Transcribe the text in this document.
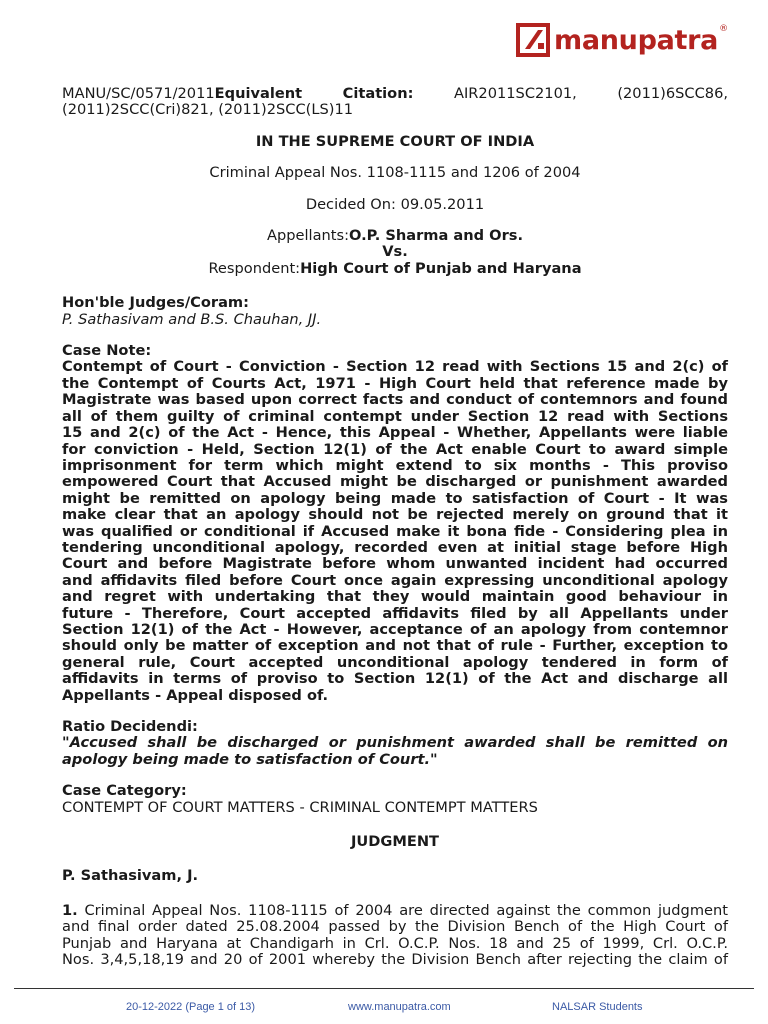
manupatra ®

MANU/SC/0571/2011Equivalent	Citation:	AIR2011SC2101, (2011)6SCC86,

(2011)2SCC(Cri)821, (2011)2SCC(LS)11

IN THE SUPREME COURT OF INDIA

Criminal Appeal Nos. 1108-1115 and 1206 of 2004

Decided On: 09.05.2011

Appellants:O.P. Sharma and Ors.

Vs.

Respondent:High Court of Punjab and Haryana

Hon'ble Judges/Coram:

P. Sathasivam and B.S. Chauhan, JJ.

Case Note:

Contempt of Court - Conviction - Section 12 read with Sections 15 and 2(c) of

the Contempt of Courts Act, 1971 - High Court held that reference made by

Magistrate was based upon correct facts and conduct of contemnors and found

all of them guilty of criminal contempt under Section 12 read with Sections

15 and 2(c) of the Act - Hence, this Appeal - Whether, Appellants were liable

for conviction - Held, Section 12(1) of the Act enable Court to award simple

imprisonment for term which might extend to six months - This proviso

empowered Court that Accused might be discharged or punishment awarded

might be remitted on apology being made to satisfaction of Court - It was

make clear that an apology should not be rejected merely on ground that it

was qualified or conditional if Accused make it bona fide - Considering plea in

tendering unconditional apology, recorded even at initial stage before High

Court and before Magistrate before whom unwanted incident had occurred

and affidavits filed before Court once again expressing unconditional apology

and regret with undertaking that they would maintain good behaviour in

future - Therefore, Court accepted affidavits filed by all Appellants under

Section 12(1) of the Act - However, acceptance of an apology from contemnor

should only be matter of exception and not that of rule - Further, exception to

general rule, Court accepted unconditional apology tendered in form of

affidavits in terms of proviso to Section 12(1) of the Act and discharge all

Appellants - Appeal disposed of.

Ratio Decidendi:

"Accused shall be discharged or punishment awarded shall be remitted on

apology being made to satisfaction of Court."

Case Category:

CONTEMPT OF COURT MATTERS - CRIMINAL CONTEMPT MATTERS

JUDGMENT

P. Sathasivam, J.

1. Criminal Appeal Nos. 1108-1115 of 2004 are directed against the common judgment

and final order dated 25.08.2004 passed by the Division Bench of the High Court of

Punjab and Haryana at Chandigarh in Crl. O.C.P. Nos. 18 and 25 of 1999, Crl. O.C.P.

Nos. 3,4,5,18,19 and 20 of 2001 whereby the Division Bench after rejecting the claim of

20-12-2022 (Page 1 of 13)	www.manupatra.com	NALSAR Students
